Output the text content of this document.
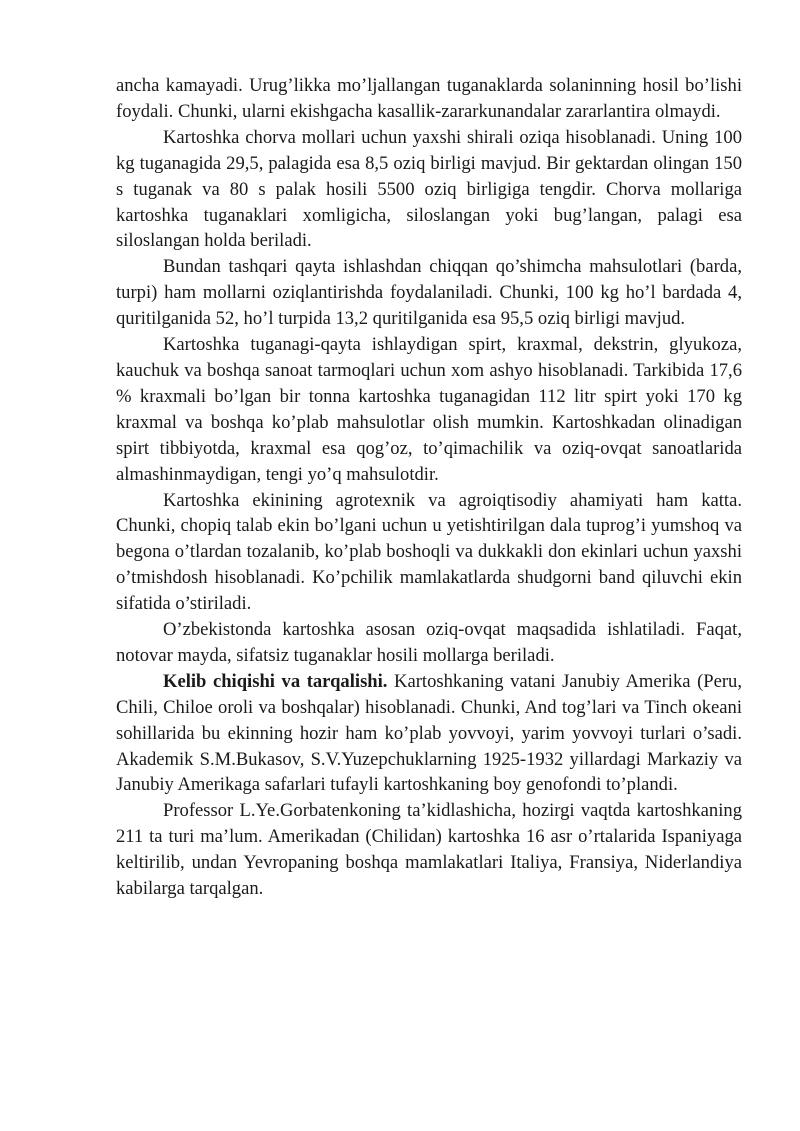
ancha kamayadi. Urug’likka mo’ljallangan tuganaklarda solaninning hosil bo’lishi foydali. Chunki, ularni ekishgacha kasallik-zararkunandalar zararlantira olmaydi.

Kartoshka chorva mollari uchun yaxshi shirali oziqa hisoblanadi. Uning 100 kg tuganagida 29,5, palagida esa 8,5 oziq birligi mavjud. Bir gektardan olingan 150 s tuganak va 80 s palak hosili 5500 oziq birligiga tengdir. Chorva mollariga kartoshka tuganaklari xomligicha, siloslangan yoki bug’langan, palagi esa siloslangan holda beriladi.

Bundan tashqari qayta ishlashdan chiqqan qo’shimcha mahsulotlari (barda, turpi) ham mollarni oziqlantirishda foydalaniladi. Chunki, 100 kg ho’l bardada 4, quritilganida 52, ho’l turpida 13,2 quritilganida esa 95,5 oziq birligi mavjud.

Kartoshka tuganagi-qayta ishlaydigan spirt, kraxmal, dekstrin, glyukoza, kauchuk va boshqa sanoat tarmoqlari uchun xom ashyo hisoblanadi. Tarkibida 17,6 % kraxmali bo’lgan bir tonna kartoshka tuganagidan 112 litr spirt yoki 170 kg kraxmal va boshqa ko’plab mahsulotlar olish mumkin. Kartoshkadan olinadigan spirt tibbiyotda, kraxmal esa qog’oz, to’qimachilik va oziq-ovqat sanoatlarida almashinmaydigan, tengi yo’q mahsulotdir.

Kartoshka ekinining agrotexnik va agroiqtisodiy ahamiyati ham katta. Chunki, chopiq talab ekin bo’lgani uchun u yetishtirilgan dala tuprog’i yumshoq va begona o’tlardan tozalanib, ko’plab boshoqli va dukkakli don ekinlari uchun yaxshi o’tmishdosh hisoblanadi. Ko’pchilik mamlakatlarda shudgorni band qiluvchi ekin sifatida o’stiriladi.

O’zbekistonda kartoshka asosan oziq-ovqat maqsadida ishlatiladi. Faqat, notovar mayda, sifatsiz tuganaklar hosili mollarga beriladi.

Kelib chiqishi va tarqalishi. Kartoshkaning vatani Janubiy Amerika (Peru, Chili, Chiloe oroli va boshqalar) hisoblanadi. Chunki, And tog’lari va Tinch okeani sohillarida bu ekinning hozir ham ko’plab yovvoyi, yarim yovvoyi turlari o’sadi. Akademik S.M.Bukasov, S.V.Yuzepchuklarning 1925-1932 yillardagi Markaziy va Janubiy Amerikaga safarlari tufayli kartoshkaning boy genofondi to’plandi.

Professor L.Ye.Gorbatenkoning ta’kidlashicha, hozirgi vaqtda kartoshkaning 211 ta turi ma’lum. Amerikadan (Chilidan) kartoshka 16 asr o’rtalarida Ispaniyaga keltirilib, undan Yevropaning boshqa mamlakatlari Italiya, Fransiya, Niderlandiya kabilarga tarqalgan.
